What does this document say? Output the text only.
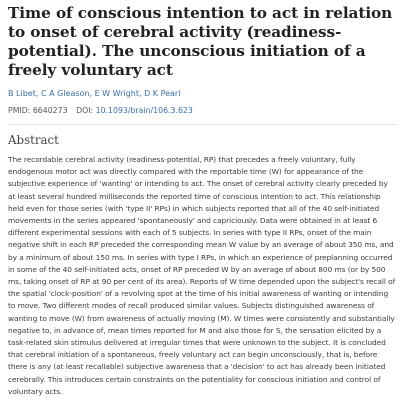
Time of conscious intention to act in relation to onset of cerebral activity (readiness-potential). The unconscious initiation of a freely voluntary act
B Libet, C A Gleason, E W Wright, D K Pearl
PMID: 6640273 DOI: 10.1093/brain/106.3.623
Abstract

The recordable cerebral activity (readiness-potential, RP) that precedes a freely voluntary, fully endogenous motor act was directly compared with the reportable time (W) for appearance of the subjective experience of 'wanting' or intending to act. The onset of cerebral activity clearly preceded by at least several hundred milliseconds the reported time of conscious intention to act. This relationship held even for those series (with 'type II' RPs) in which subjects reported that all of the 40 self-initiated movements in the series appeared 'spontaneously' and capriciously. Data were obtained in at least 6 different experimental sessions with each of 5 subjects. In series with type II RPs, onset of the main negative shift in each RP preceded the corresponding mean W value by an average of about 350 ms, and by a minimum of about 150 ms. In series with type I RPs, in which an experience of preplanning occurred in some of the 40 self-initiated acts, onset of RP preceded W by an average of about 800 ms (or by 500 ms, taking onset of RP at 90 per cent of its area). Reports of W time depended upon the subject's recall of the spatial 'clock-position' of a revolving spot at the time of his initial awareness of wanting or intending to move. Two different modes of recall produced similar values. Subjects distinguished awareness of wanting to move (W) from awareness of actually moving (M). W times were consistently and substantially negative to, in advance of, mean times reported for M and also those for S, the sensation elicited by a task-related skin stimulus delivered at irregular times that were unknown to the subject. It is concluded that cerebral initiation of a spontaneous, freely voluntary act can begin unconsciously, that is, before there is any (at least recallable) subjective awareness that a 'decision' to act has already been initiated cerebrally. This introduces certain constraints on the potentiality for conscious initiation and control of voluntary acts.
